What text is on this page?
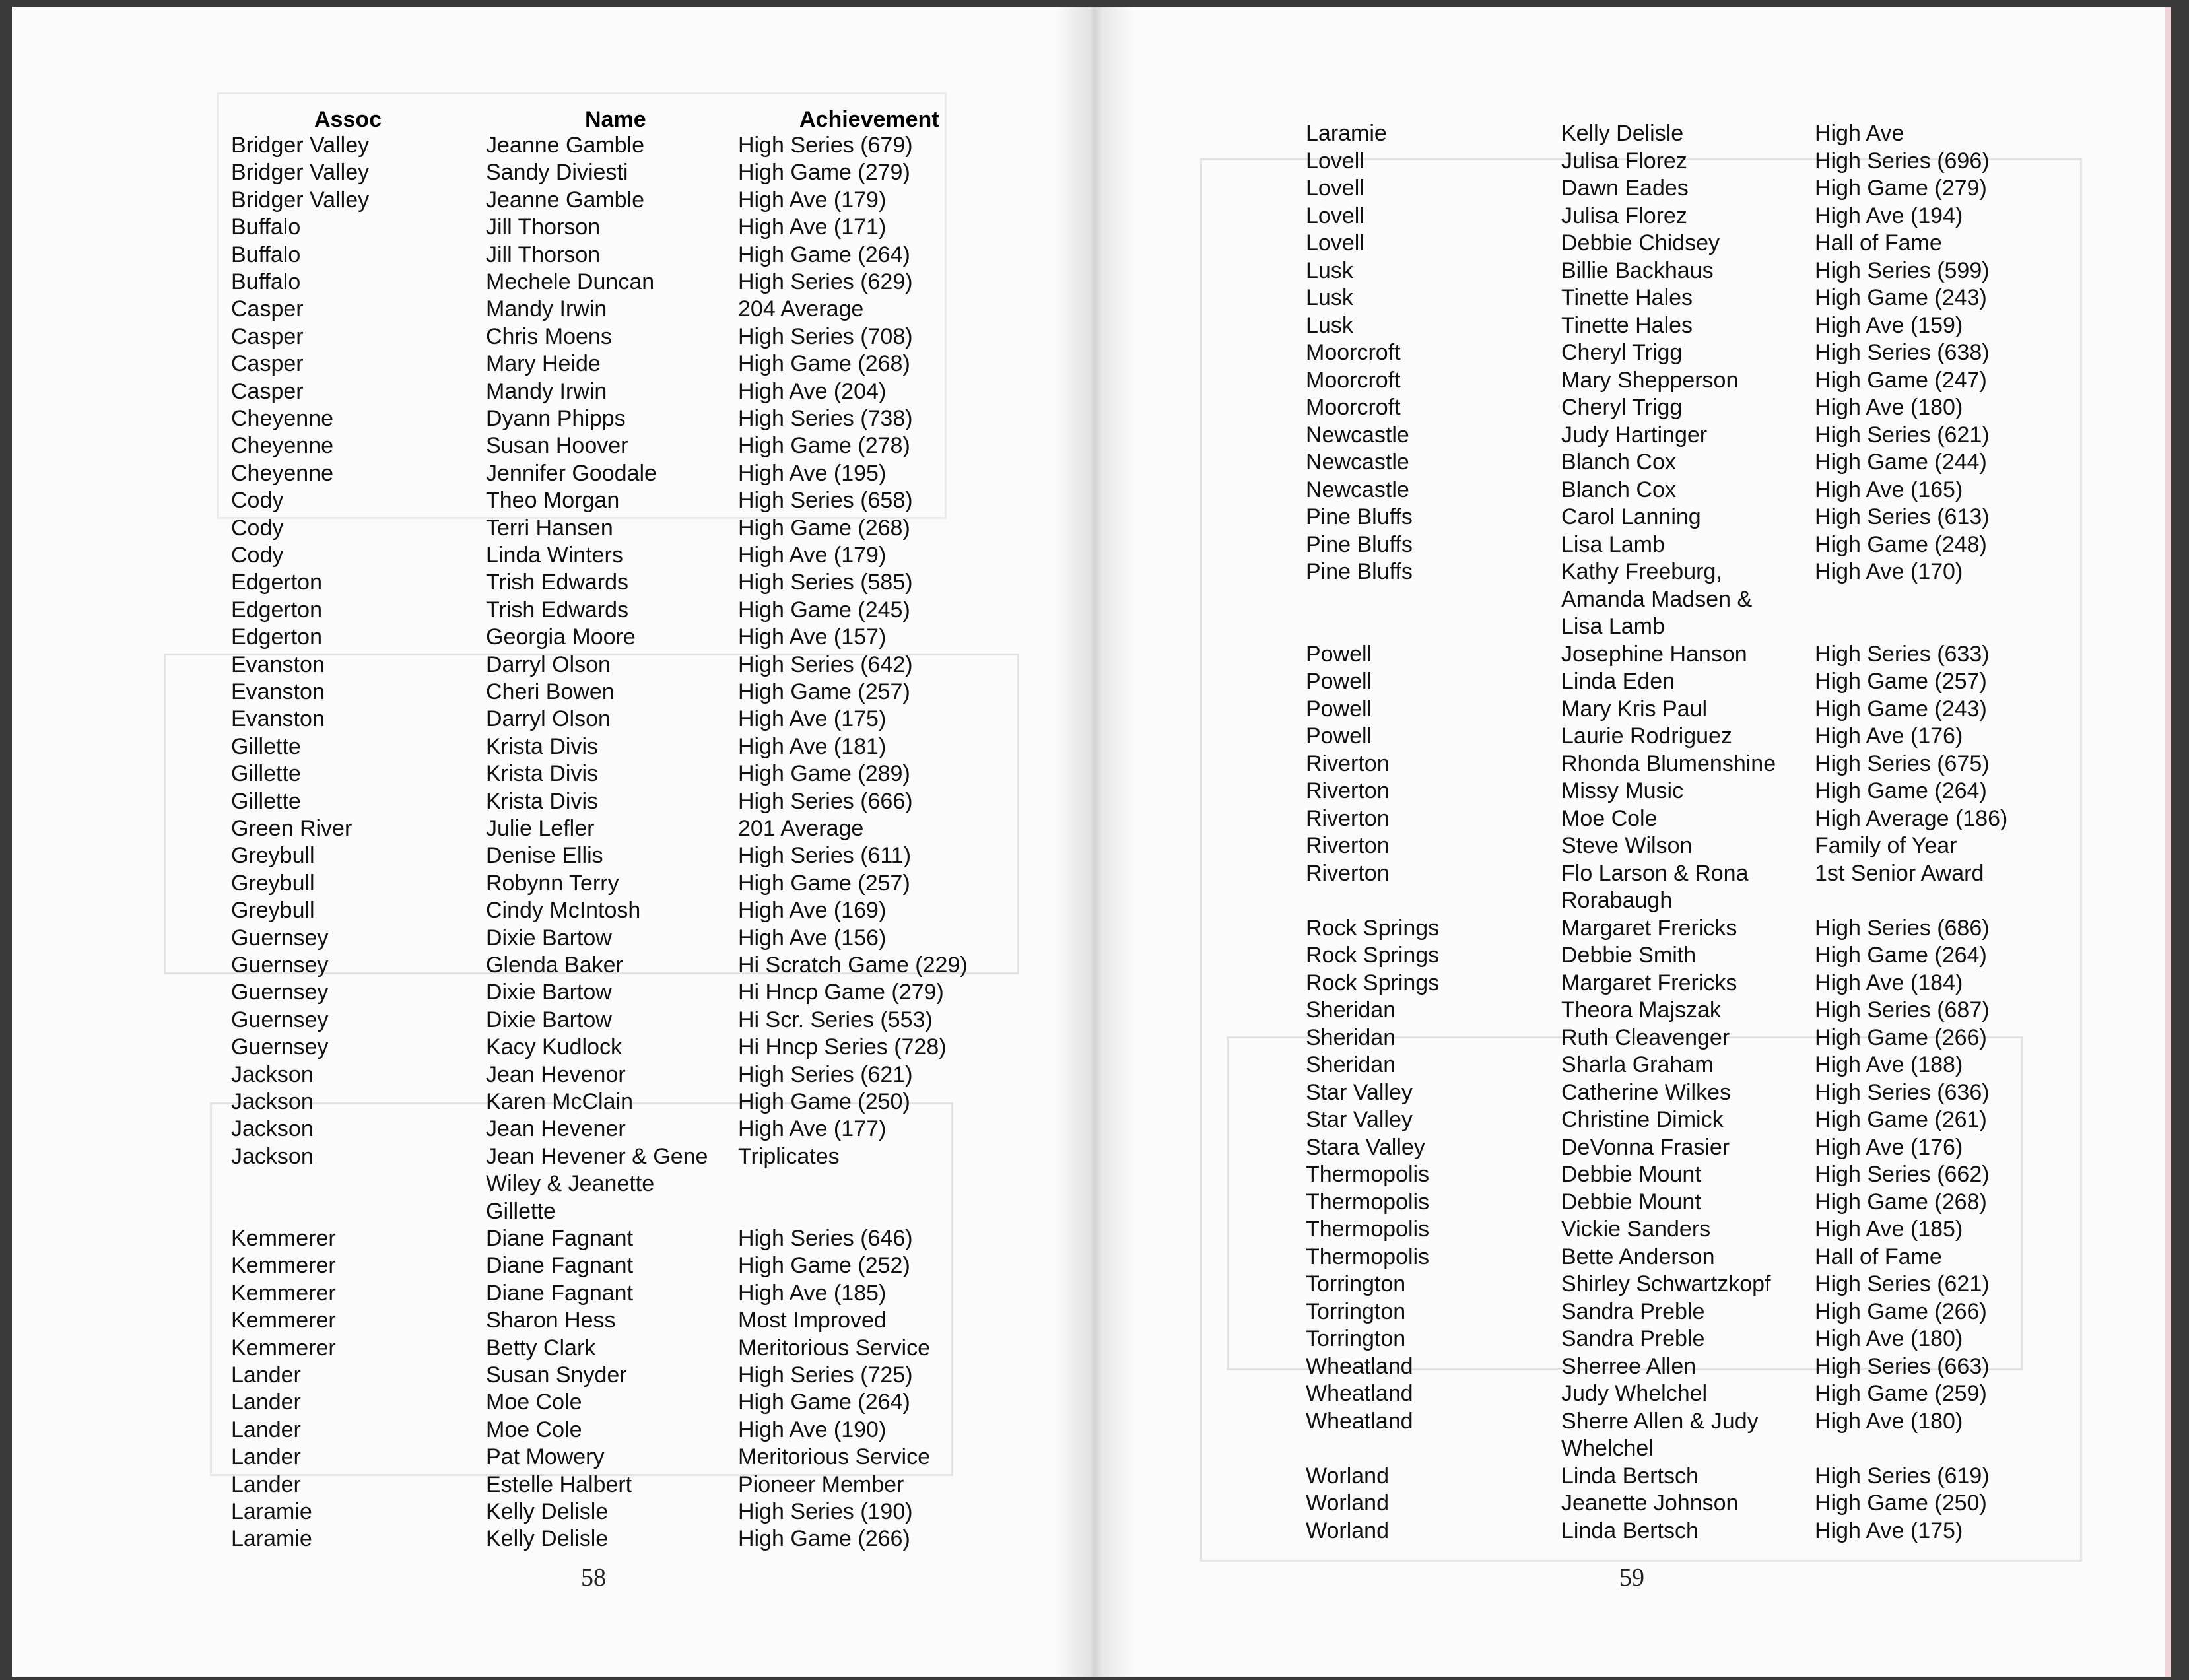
Assoc	Name	Achievement
Bridger Valley	Jeanne Gamble	High Series (679)
Bridger Valley	Sandy Diviesti	High Game (279)
Bridger Valley	Jeanne Gamble	High Ave (179)
Buffalo	Jill Thorson	High Ave (171)
Buffalo	Jill Thorson	High Game (264)
Buffalo	Mechele Duncan	High Series (629)
Casper	Mandy Irwin	204 Average
Casper	Chris Moens	High Series (708)
Casper	Mary Heide	High Game (268)
Casper	Mandy Irwin	High Ave (204)
Cheyenne	Dyann Phipps	High Series (738)
Cheyenne	Susan Hoover	High Game (278)
Cheyenne	Jennifer Goodale	High Ave (195)
Cody	Theo Morgan	High Series (658)
Cody	Terri Hansen	High Game (268)
Cody	Linda Winters	High Ave (179)
Edgerton	Trish Edwards	High Series (585)
Edgerton	Trish Edwards	High Game (245)
Edgerton	Georgia Moore	High Ave (157)
Evanston	Darryl Olson	High Series (642)
Evanston	Cheri Bowen	High Game (257)
Evanston	Darryl Olson	High Ave (175)
Gillette	Krista Divis	High Ave (181)
Gillette	Krista Divis	High Game (289)
Gillette	Krista Divis	High Series (666)
Green River	Julie Lefler	201 Average
Greybull	Denise Ellis	High Series (611)
Greybull	Robynn Terry	High Game (257)
Greybull	Cindy McIntosh	High Ave (169)
Guernsey	Dixie Bartow	High Ave (156)
Guernsey	Glenda Baker	Hi Scratch Game (229)
Guernsey	Dixie Bartow	Hi Hncp Game (279)
Guernsey	Dixie Bartow	Hi Scr. Series (553)
Guernsey	Kacy Kudlock	Hi Hncp Series (728)
Jackson	Jean Hevenor	High Series (621)
Jackson	Karen McClain	High Game (250)
Jackson	Jean Hevener	High Ave (177)
Jackson	Jean Hevener & Gene Triplicates
Wiley & Jeanette
Gillette
Kemmerer	Diane Fagnant	High Series (646)
Kemmerer	Diane Fagnant	High Game (252)
Kemmerer	Diane Fagnant	High Ave (185)
Kemmerer	Sharon Hess	Most Improved
Kemmerer	Betty Clark	Meritorious Service
Lander	Susan Snyder	High Series (725)
Lander	Moe Cole	High Game (264)
Lander	Moe Cole	High Ave (190)
Lander	Pat Mowery	Meritorious Service
Lander	Estelle Halbert	Pioneer Member
Laramie	Kelly Delisle	High Series (190)
Laramie	Kelly Delisle	High Game (266)
58
Laramie	Kelly Delisle	High Ave
Lovell	Julisa Florez	High Series (696)
Lovell	Dawn Eades	High Game (279)
Lovell	Julisa Florez	High Ave (194)
Lovell	Debbie Chidsey	Hall of Fame
Lusk	Billie Backhaus	High Series (599)
Lusk	Tinette Hales	High Game (243)
Lusk	Tinette Hales	High Ave (159)
Moorcroft	Cheryl Trigg	High Series (638)
Moorcroft	Mary Shepperson	High Game (247)
Moorcroft	Cheryl Trigg	High Ave (180)
Newcastle	Judy Hartinger	High Series (621)
Newcastle	Blanch Cox	High Game (244)
Newcastle	Blanch Cox	High Ave (165)
Pine Bluffs	Carol Lanning	High Series (613)
Pine Bluffs	Lisa Lamb	High Game (248)
Pine Bluffs	Kathy Freeburg,	High Ave (170)
Amanda Madsen &
Lisa Lamb
Powell	Josephine Hanson	High Series (633)
Powell	Linda Eden	High Game (257)
Powell	Mary Kris Paul	High Game (243)
Powell	Laurie Rodriguez	High Ave (176)
Riverton	Rhonda Blumenshine High Series (675)
Riverton	Missy Music	High Game (264)
Riverton	Moe Cole	High Average (186)
Riverton	Steve Wilson	Family of Year
Riverton	Flo Larson & Rona	1st Senior Award
Rorabaugh
Rock Springs	Margaret Frericks	High Series (686)
Rock Springs	Debbie Smith	High Game (264)
Rock Springs	Margaret Frericks	High Ave (184)
Sheridan	Theora Majszak	High Series (687)
Sheridan	Ruth Cleavenger	High Game (266)
Sheridan	Sharla Graham	High Ave (188)
Star Valley	Catherine Wilkes	High Series (636)
Star Valley	Christine Dimick	High Game (261)
Stara Valley	DeVonna Frasier	High Ave (176)
Thermopolis	Debbie Mount	High Series (662)
Thermopolis	Debbie Mount	High Game (268)
Thermopolis	Vickie Sanders	High Ave (185)
Thermopolis	Bette Anderson	Hall of Fame
Torrington	Shirley Schwartzkopf High Series (621)
Torrington	Sandra Preble	High Game (266)
Torrington	Sandra Preble	High Ave (180)
Wheatland	Sherree Allen	High Series (663)
Wheatland	Judy Whelchel	High Game (259)
Wheatland	Sherre Allen & Judy	High Ave (180)
Whelchel
Worland	Linda Bertsch	High Series (619)
Worland	Jeanette Johnson	High Game (250)
Worland	Linda Bertsch	High Ave (175)
59
